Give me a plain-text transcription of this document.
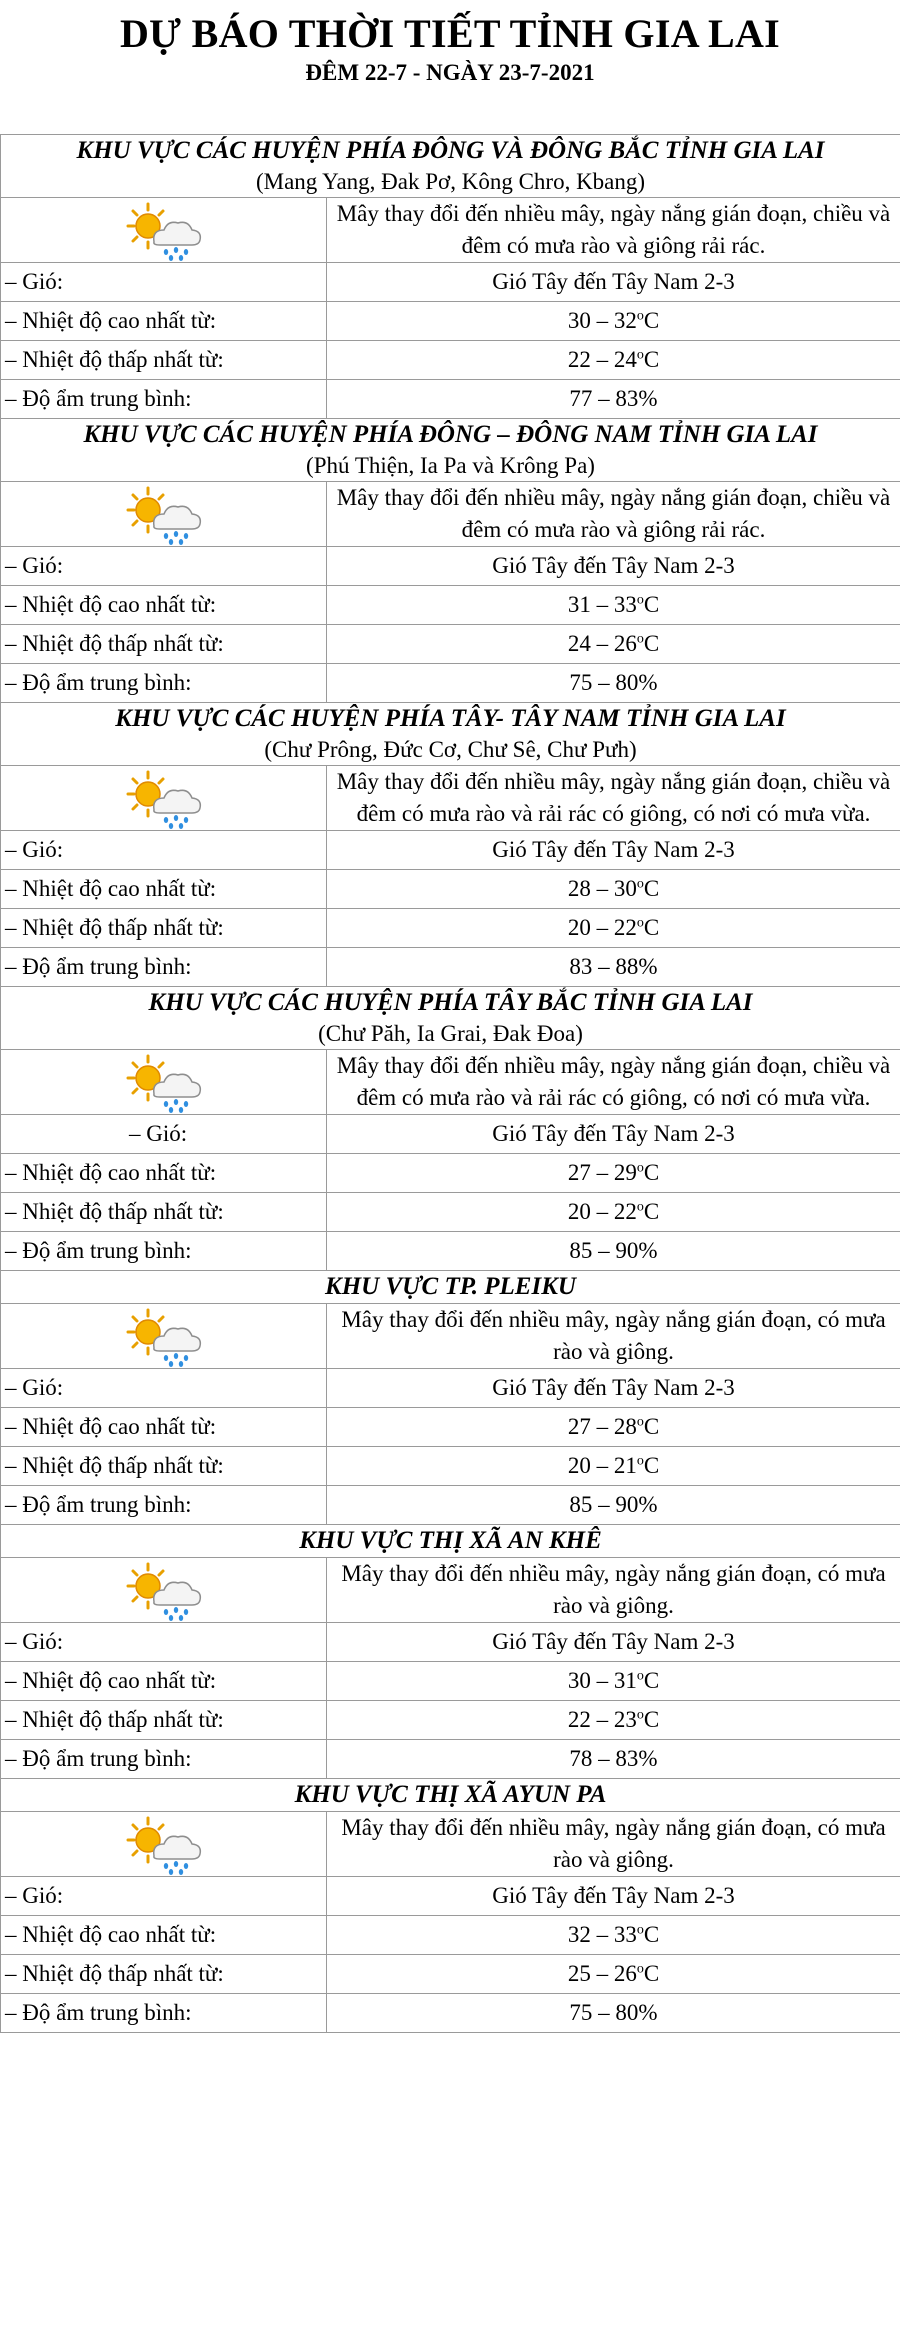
DỰ BÁO THỜI TIẾT TỈNH GIA LAI
ĐÊM 22-7 - NGÀY 23-7-2021
KHU VỰC CÁC HUYỆN PHÍA ĐÔNG VÀ ĐÔNG BẮC TỈNH GIA LAI
(Mang Yang, Đak Pơ, Kông Chro, Kbang)	

	Mây thay đổi đến nhiều mây, ngày nắng gián đoạn, chiều và đêm có mưa rào và giông rải rác.
– Gió:	Gió Tây đến Tây Nam 2-3
– Nhiệt độ cao nhất từ:	30 – 32$^o$C
– Nhiệt độ thấp nhất từ:	22 – 24$^o$C
– Độ ẩm trung bình:	77 – 83%

KHU VỰC CÁC HUYỆN PHÍA ĐÔNG – ĐÔNG NAM TỈNH GIA LAI
(Phú Thiện, Ia Pa và Krông Pa)	

	Mây thay đổi đến nhiều mây, ngày nắng gián đoạn, chiều và đêm có mưa rào và giông rải rác.
– Gió:	Gió Tây đến Tây Nam 2-3
– Nhiệt độ cao nhất từ:	31 – 33$^o$C
– Nhiệt độ thấp nhất từ:	24 – 26$^o$C
– Độ ẩm trung bình:	75 – 80%

KHU VỰC CÁC HUYỆN PHÍA TÂY- TÂY NAM TỈNH GIA LAI
(Chư Prông, Đức Cơ, Chư Sê, Chư Pưh)	

	Mây thay đổi đến nhiều mây, ngày nắng gián đoạn, chiều và đêm có mưa rào và rải rác có giông, có nơi có mưa vừa.
– Gió:	Gió Tây đến Tây Nam 2-3
– Nhiệt độ cao nhất từ:	28 – 30$^o$C
– Nhiệt độ thấp nhất từ:	20 – 22$^o$C
– Độ ẩm trung bình:	83 – 88%

KHU VỰC CÁC HUYỆN PHÍA TÂY BẮC TỈNH GIA LAI
(Chư Păh, Ia Grai, Đak Đoa)	

	Mây thay đổi đến nhiều mây, ngày nắng gián đoạn, chiều và đêm có mưa rào và rải rác có giông, có nơi có mưa vừa.
– Gió:	Gió Tây đến Tây Nam 2-3
– Nhiệt độ cao nhất từ:	27 – 29$^o$C
– Nhiệt độ thấp nhất từ:	20 – 22$^o$C
– Độ ẩm trung bình:	85 – 90%

KHU VỰC TP. PLEIKU	

	Mây thay đổi đến nhiều mây, ngày nắng gián đoạn, có mưa rào và giông.
– Gió:	Gió Tây đến Tây Nam 2-3
– Nhiệt độ cao nhất từ:	27 – 28$^o$C
– Nhiệt độ thấp nhất từ:	20 – 21$^o$C
– Độ ẩm trung bình:	85 – 90%

KHU VỰC THỊ XÃ AN KHÊ	

	Mây thay đổi đến nhiều mây, ngày nắng gián đoạn, có mưa rào và giông.
– Gió:	Gió Tây đến Tây Nam 2-3
– Nhiệt độ cao nhất từ:	30 – 31$^o$C
– Nhiệt độ thấp nhất từ:	22 – 23$^o$C
– Độ ẩm trung bình:	78 – 83%

KHU VỰC THỊ XÃ AYUN PA	

	Mây thay đổi đến nhiều mây, ngày nắng gián đoạn, có mưa rào và giông.
– Gió:	Gió Tây đến Tây Nam 2-3
– Nhiệt độ cao nhất từ:	32 – 33$^o$C
– Nhiệt độ thấp nhất từ:	25 – 26$^o$C
– Độ ẩm trung bình:	75 – 80%
